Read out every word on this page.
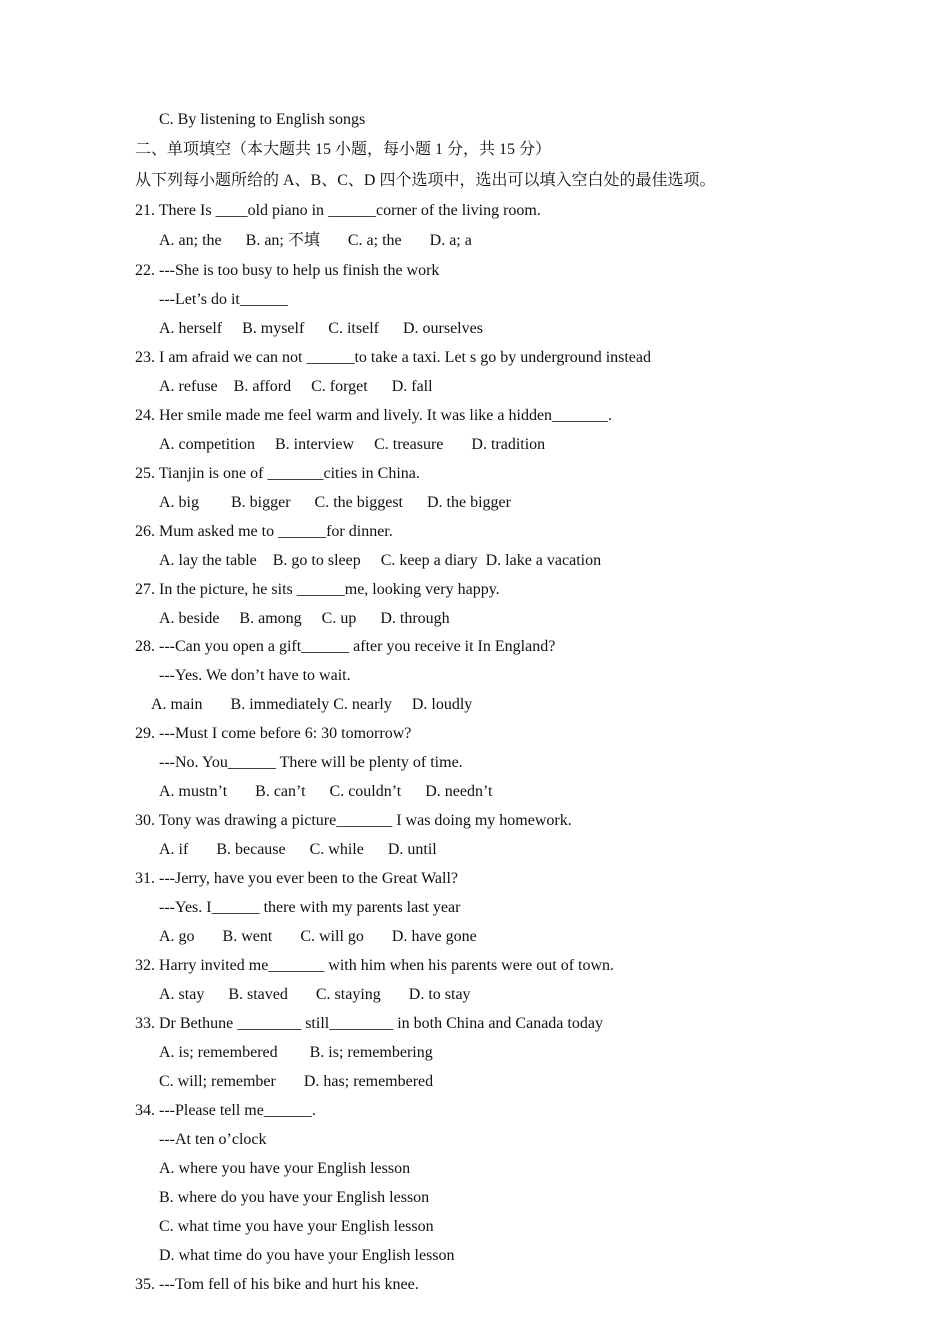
C. By listening to English songs
二、单项填空（本大题共 15 小题，每小题 1 分，共 15 分）
从下列每小题所给的 A、B、C、D 四个选项中，选出可以填入空白处的最佳选项。
21. There Is ____old piano in ______corner of the living room.
A. an; the      B. an; 不填       C. a; the       D. a; a
22. ---She is too busy to help us finish the work
---Let’s do it______
A. herself     B. myself      C. itself      D. ourselves
23. I am afraid we can not ______to take a taxi. Let s go by underground instead
A. refuse    B. afford     C. forget      D. fall
24. Her smile made me feel warm and lively. It was like a hidden_______.
A. competition     B. interview     C. treasure       D. tradition
25. Tianjin is one of _______cities in China.
A. big        B. bigger      C. the biggest      D. the bigger
26. Mum asked me to ______for dinner.
A. lay the table    B. go to sleep     C. keep a diary  D. lake a vacation
27. In the picture, he sits ______me, looking very happy.
A. beside     B. among     C. up      D. through
28. ---Can you open a gift______ after you receive it In England?
---Yes. We don’t have to wait.
A. main       B. immediately C. nearly     D. loudly
29. ---Must I come before 6: 30 tomorrow?
---No. You______ There will be plenty of time.
A. mustn’t       B. can’t      C. couldn’t      D. needn’t
30. Tony was drawing a picture_______ I was doing my homework.
A. if       B. because      C. while      D. until
31. ---Jerry, have you ever been to the Great Wall?
---Yes. I______ there with my parents last year
A. go       B. went       C. will go       D. have gone
32. Harry invited me_______ with him when his parents were out of town.
A. stay      B. staved       C. staying       D. to stay
33. Dr Bethune ________ still________ in both China and Canada today
A. is; remembered        B. is; remembering
C. will; remember       D. has; remembered
34. ---Please tell me______.
---At ten o’clock
A. where you have your English lesson
B. where do you have your English lesson
C. what time you have your English lesson
D. what time do you have your English lesson
35. ---Tom fell of his bike and hurt his knee.
